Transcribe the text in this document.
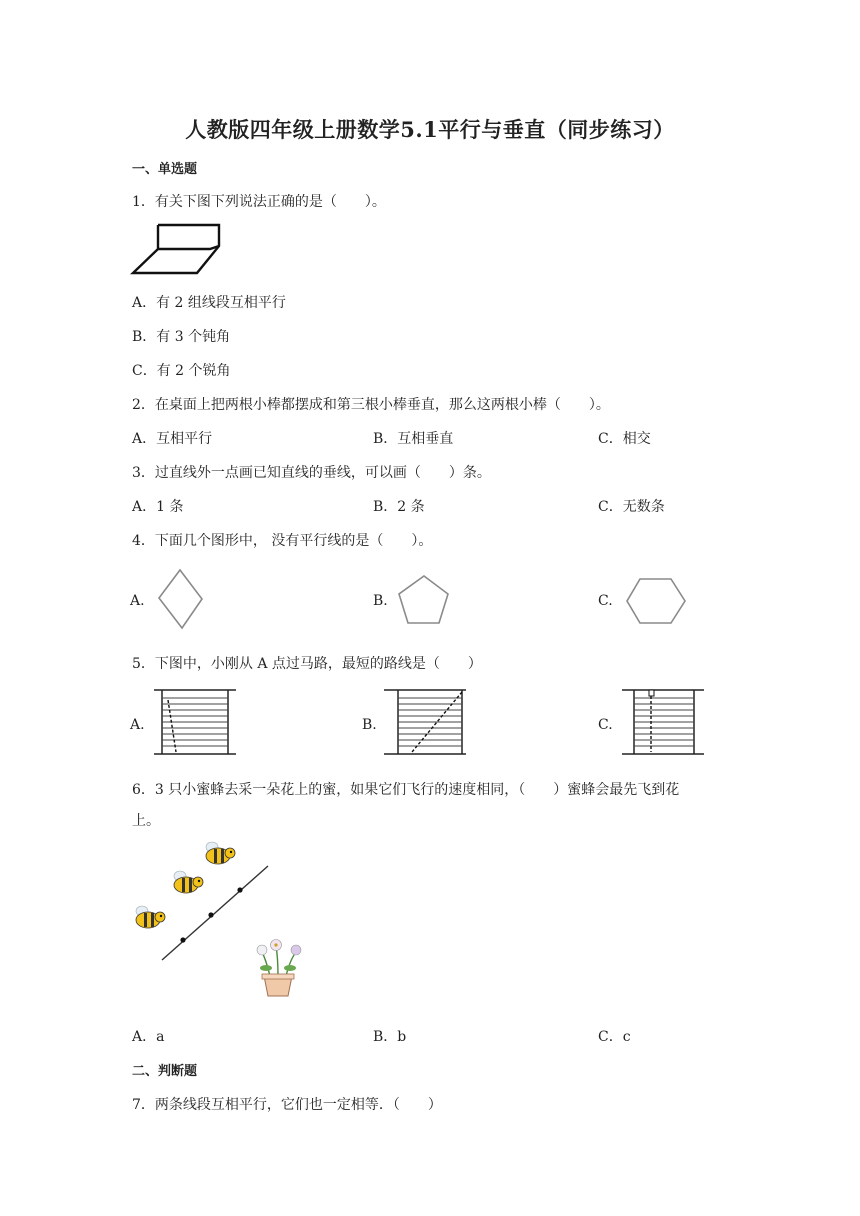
人教版四年级上册数学5.1平行与垂直（同步练习）
一、单选题
1．有关下图下列说法正确的是（　　）。
A．有 2 组线段互相平行
B．有 3 个钝角
C．有 2 个锐角
2．在桌面上把两根小棒都摆成和第三根小棒垂直，那么这两根小棒（　　）。
A．互相平行	B．互相垂直	C．相交
3．过直线外一点画已知直线的垂线，可以画（　　）条。
A．1 条	B．2 条	C．无数条
4．下面几个图形中， 没有平行线的是（　　）。
A.	B.	C.
5．下图中，小刚从 A 点过马路，最短的路线是（　　）
A.	B.	C.
6．3 只小蜜蜂去采一朵花上的蜜，如果它们飞行的速度相同，（　　）蜜蜂会最先飞到花
上。
A．a	B．b	C．c
二、判断题
7．两条线段互相平行，它们也一定相等．（　　）
